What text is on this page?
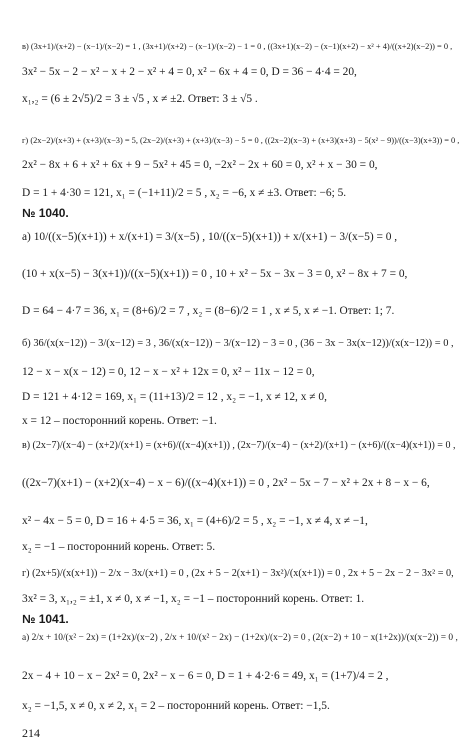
в) (3x+1)/(x+2) − (x−1)/(x−2) = 1 , (3x+1)/(x+2) − (x−1)/(x−2) − 1 = 0 , ((3x+1)(x−2) − (x−1)(x+2) − x² + 4)/((x+2)(x−2)) = 0 ,
3x² − 5x − 2 − x² − x + 2 − x² + 4 = 0, x² − 6x + 4 = 0, D = 36 − 4·4 = 20,
x₁,₂ = (6 ± 2√5)/2 = 3 ± √5 , x ≠ ±2. Ответ: 3 ± √5 .
г) (2x−2)/(x+3) + (x+3)/(x−3) = 5, (2x−2)/(x+3) + (x+3)/(x−3) − 5 = 0 , ((2x−2)(x−3) + (x+3)(x+3) − 5(x² − 9))/((x−3)(x+3)) = 0 ,
2x² − 8x + 6 + x² + 6x + 9 − 5x² + 45 = 0, −2x² − 2x + 60 = 0, x² + x − 30 = 0,
D = 1 + 4·30 = 121, x₁ = (−1+11)/2 = 5 , x₂ = −6, x ≠ ±3. Ответ: −6; 5.
№ 1040.
а) 10/((x−5)(x+1)) + x/(x+1) = 3/(x−5) , 10/((x−5)(x+1)) + x/(x+1) − 3/(x−5) = 0 ,
(10 + x(x−5) − 3(x+1))/((x−5)(x+1)) = 0 , 10 + x² − 5x − 3x − 3 = 0, x² − 8x + 7 = 0,
D = 64 − 4·7 = 36, x₁ = (8+6)/2 = 7 , x₂ = (8−6)/2 = 1 , x ≠ 5, x ≠ −1. Ответ: 1; 7.
б) 36/(x(x−12)) − 3/(x−12) = 3 , 36/(x(x−12)) − 3/(x−12) − 3 = 0 , (36 − 3x − 3x(x−12))/(x(x−12)) = 0 ,
12 − x − x(x − 12) = 0, 12 − x − x² + 12x = 0, x² − 11x − 12 = 0,
D = 121 + 4·12 = 169, x₁ = (11+13)/2 = 12 , x₂ = −1, x ≠ 12, x ≠ 0,
x = 12 – посторонний корень. Ответ: −1.
в) (2x−7)/(x−4) − (x+2)/(x+1) = (x+6)/((x−4)(x+1)) , (2x−7)/(x−4) − (x+2)/(x+1) − (x+6)/((x−4)(x+1)) = 0 ,
((2x−7)(x+1) − (x+2)(x−4) − x − 6)/((x−4)(x+1)) = 0 , 2x² − 5x − 7 − x² + 2x + 8 − x − 6,
x² − 4x − 5 = 0, D = 16 + 4·5 = 36, x₁ = (4+6)/2 = 5 , x₂ = −1, x ≠ 4, x ≠ −1,
x₂ = −1 – посторонний корень. Ответ: 5.
г) (2x+5)/(x(x+1)) − 2/x − 3x/(x+1) = 0 , (2x + 5 − 2(x+1) − 3x²)/(x(x+1)) = 0 , 2x + 5 − 2x − 2 − 3x² = 0,
3x² = 3, x₁,₂ = ±1, x ≠ 0, x ≠ −1, x₂ = −1 – посторонний корень. Ответ: 1.
№ 1041.
а) 2/x + 10/(x² − 2x) = (1+2x)/(x−2) , 2/x + 10/(x² − 2x) − (1+2x)/(x−2) = 0 , (2(x−2) + 10 − x(1+2x))/(x(x−2)) = 0 ,
2x − 4 + 10 − x − 2x² = 0, 2x² − x − 6 = 0, D = 1 + 4·2·6 = 49, x₁ = (1+7)/4 = 2 ,
x₂ = −1,5, x ≠ 0, x ≠ 2, x₁ = 2 – посторонний корень. Ответ: −1,5.
214
